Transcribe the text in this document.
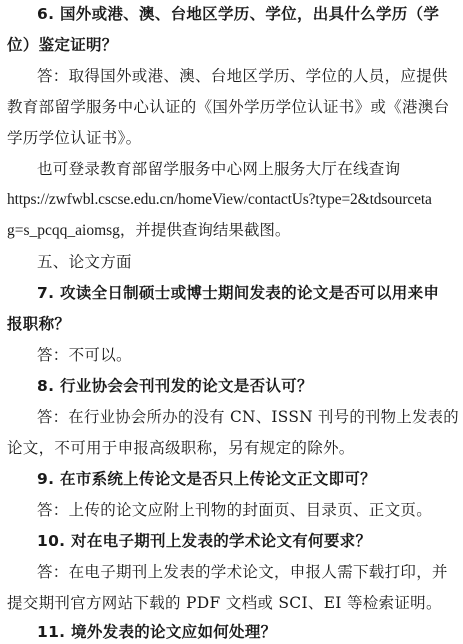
6. 国外或港、澳、台地区学历、学位，出具什么学历（学
位）鉴定证明？
答：取得国外或港、澳、台地区学历、学位的人员，应提供
教育部留学服务中心认证的《国外学历学位认证书》或《港澳台
学历学位认证书》。
也可登录教育部留学服务中心网上服务大厅在线查询
https://zwfwbl.cscse.edu.cn/homeView/contactUs?type=2&tdsourceta
g=s_pcqq_aiomsg，并提供查询结果截图。
五、论文方面
7. 攻读全日制硕士或博士期间发表的论文是否可以用来申
报职称？
答：不可以。
8. 行业协会会刊刊发的论文是否认可？
答：在行业协会所办的没有 CN、ISSN 刊号的刊物上发表的
论文，不可用于申报高级职称，另有规定的除外。
9. 在市系统上传论文是否只上传论文正文即可？
答：上传的论文应附上刊物的封面页、目录页、正文页。
10. 对在电子期刊上发表的学术论文有何要求？
答：在电子期刊上发表的学术论文，申报人需下载打印，并
提交期刊官方网站下载的 PDF 文档或 SCI、EI 等检索证明。
11. 境外发表的论文应如何处理？
